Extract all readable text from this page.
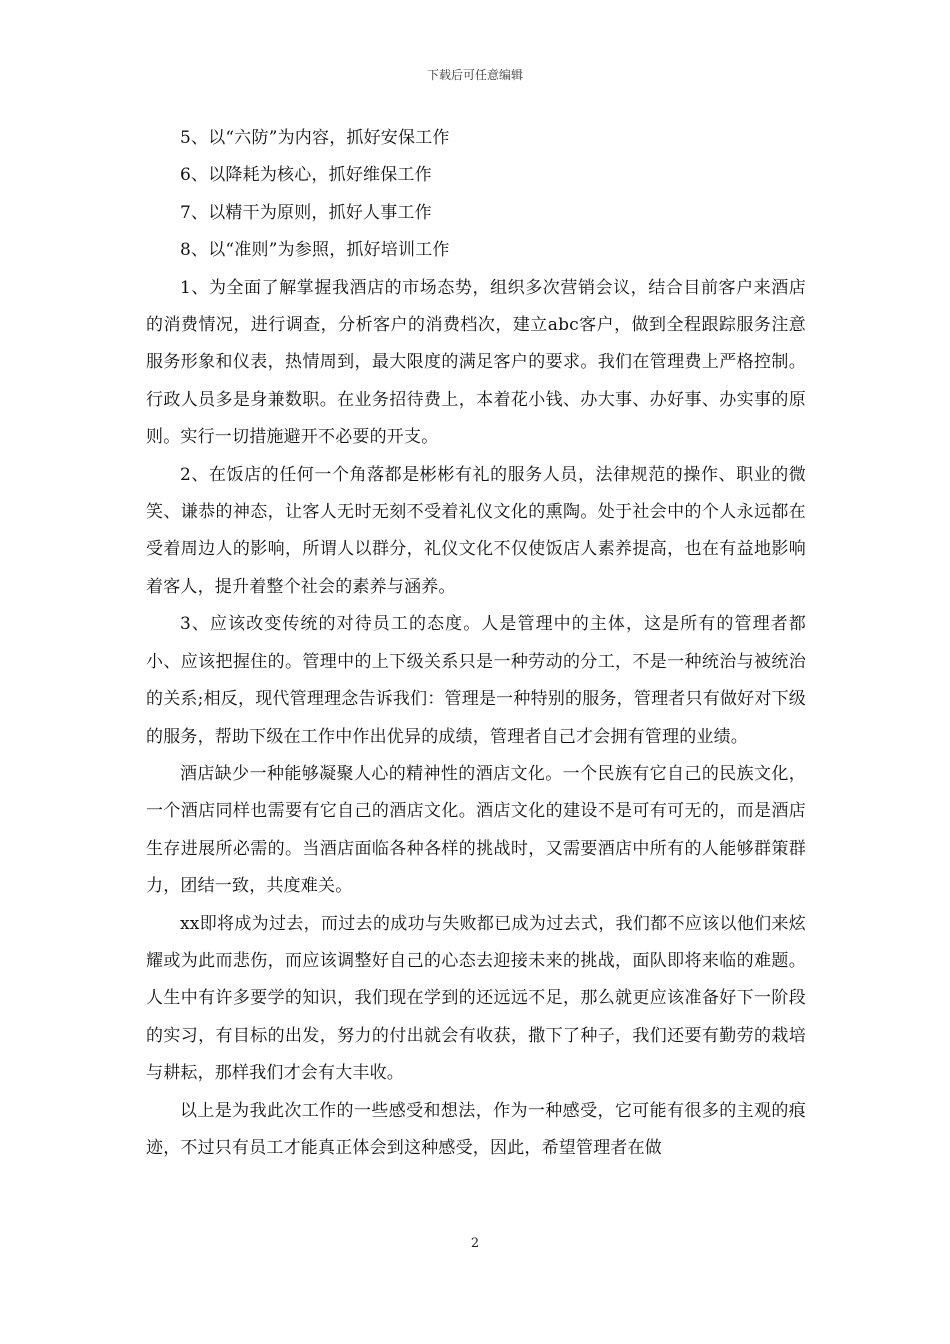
下载后可任意编辑

5、以“六防”为内容，抓好安保工作

6、以降耗为核心，抓好维保工作

7、以精干为原则，抓好人事工作

8、以“准则”为参照，抓好培训工作

1、为全面了解掌握我酒店的市场态势，组织多次营销会议，结合目前客户来酒店的消费情况，进行调查，分析客户的消费档次，建立abc客户，做到全程跟踪服务注意服务形象和仪表，热情周到，最大限度的满足客户的要求。我们在管理费上严格控制。行政人员多是身兼数职。在业务招待费上，本着花小钱、办大事、办好事、办实事的原则。实行一切措施避开不必要的开支。

2、在饭店的任何一个角落都是彬彬有礼的服务人员，法律规范的操作、职业的微笑、谦恭的神态，让客人无时无刻不受着礼仪文化的熏陶。处于社会中的个人永远都在受着周边人的影响，所谓人以群分，礼仪文化不仅使饭店人素养提高，也在有益地影响着客人，提升着整个社会的素养与涵养。

3、应该改变传统的对待员工的态度。人是管理中的主体，这是所有的管理者都小、应该把握住的。管理中的上下级关系只是一种劳动的分工，不是一种统治与被统治的关系;相反，现代管理理念告诉我们：管理是一种特别的服务，管理者只有做好对下级的服务，帮助下级在工作中作出优异的成绩，管理者自己才会拥有管理的业绩。

酒店缺少一种能够凝聚人心的精神性的酒店文化。一个民族有它自己的民族文化，一个酒店同样也需要有它自己的酒店文化。酒店文化的建设不是可有可无的，而是酒店生存进展所必需的。当酒店面临各种各样的挑战时，又需要酒店中所有的人能够群策群力，团结一致，共度难关。

xx即将成为过去，而过去的成功与失败都已成为过去式，我们都不应该以他们来炫耀或为此而悲伤，而应该调整好自己的心态去迎接未来的挑战，面队即将来临的难题。人生中有许多要学的知识，我们现在学到的还远远不足，那么就更应该准备好下一阶段的实习，有目标的出发，努力的付出就会有收获，撒下了种子，我们还要有勤劳的栽培与耕耘，那样我们才会有大丰收。

以上是为我此次工作的一些感受和想法，作为一种感受，它可能有很多的主观的痕迹，不过只有员工才能真正体会到这种感受，因此，希望管理者在做

2
